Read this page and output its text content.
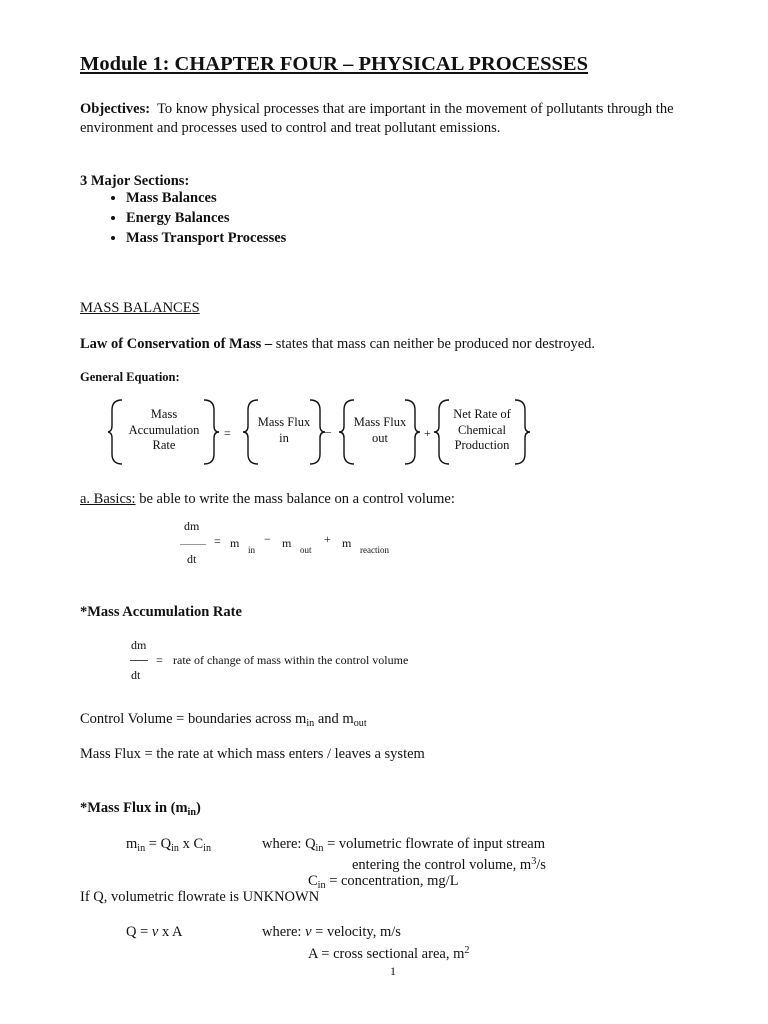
Module 1: CHAPTER FOUR – PHYSICAL PROCESSES
Objectives: To know physical processes that are important in the movement of pollutants through the
environment and processes used to control and treat pollutant emissions.
3 Major Sections:
• Mass Balances
• Energy Balances
• Mass Transport Processes
MASS BALANCES
Law of Conservation of Mass – states that mass can neither be produced nor destroyed.
General Equation:
Mass
Accumulation
Rate
Mass Flux
in
Mass Flux
out
Net Rate of
Chemical
Production
=	–	+
a. Basics: be able to write the mass balance on a control volume:
dm
dt
= m in
− m out
+ m reaction
*Mass Accumulation Rate
dm
dt
= rate of change of mass within the control volume
Control Volume = boundaries across $m_{in}$ and $m_{out}$
Mass Flux = the rate at which mass enters / leaves a system
*Mass Flux in $(m_{in})$
$m_{in} = Q_{in}$ x $C_{in}$	where: $Q_{in}$ = volumetric flowrate of input stream
entering the control volume, $m^3/s$
$C_{in}$ = concentration, mg/L
If Q, volumetric flowrate is UNKNOWN
Q = v x A	where: v = velocity, m/s
A = cross sectional area, $m^2$
1
